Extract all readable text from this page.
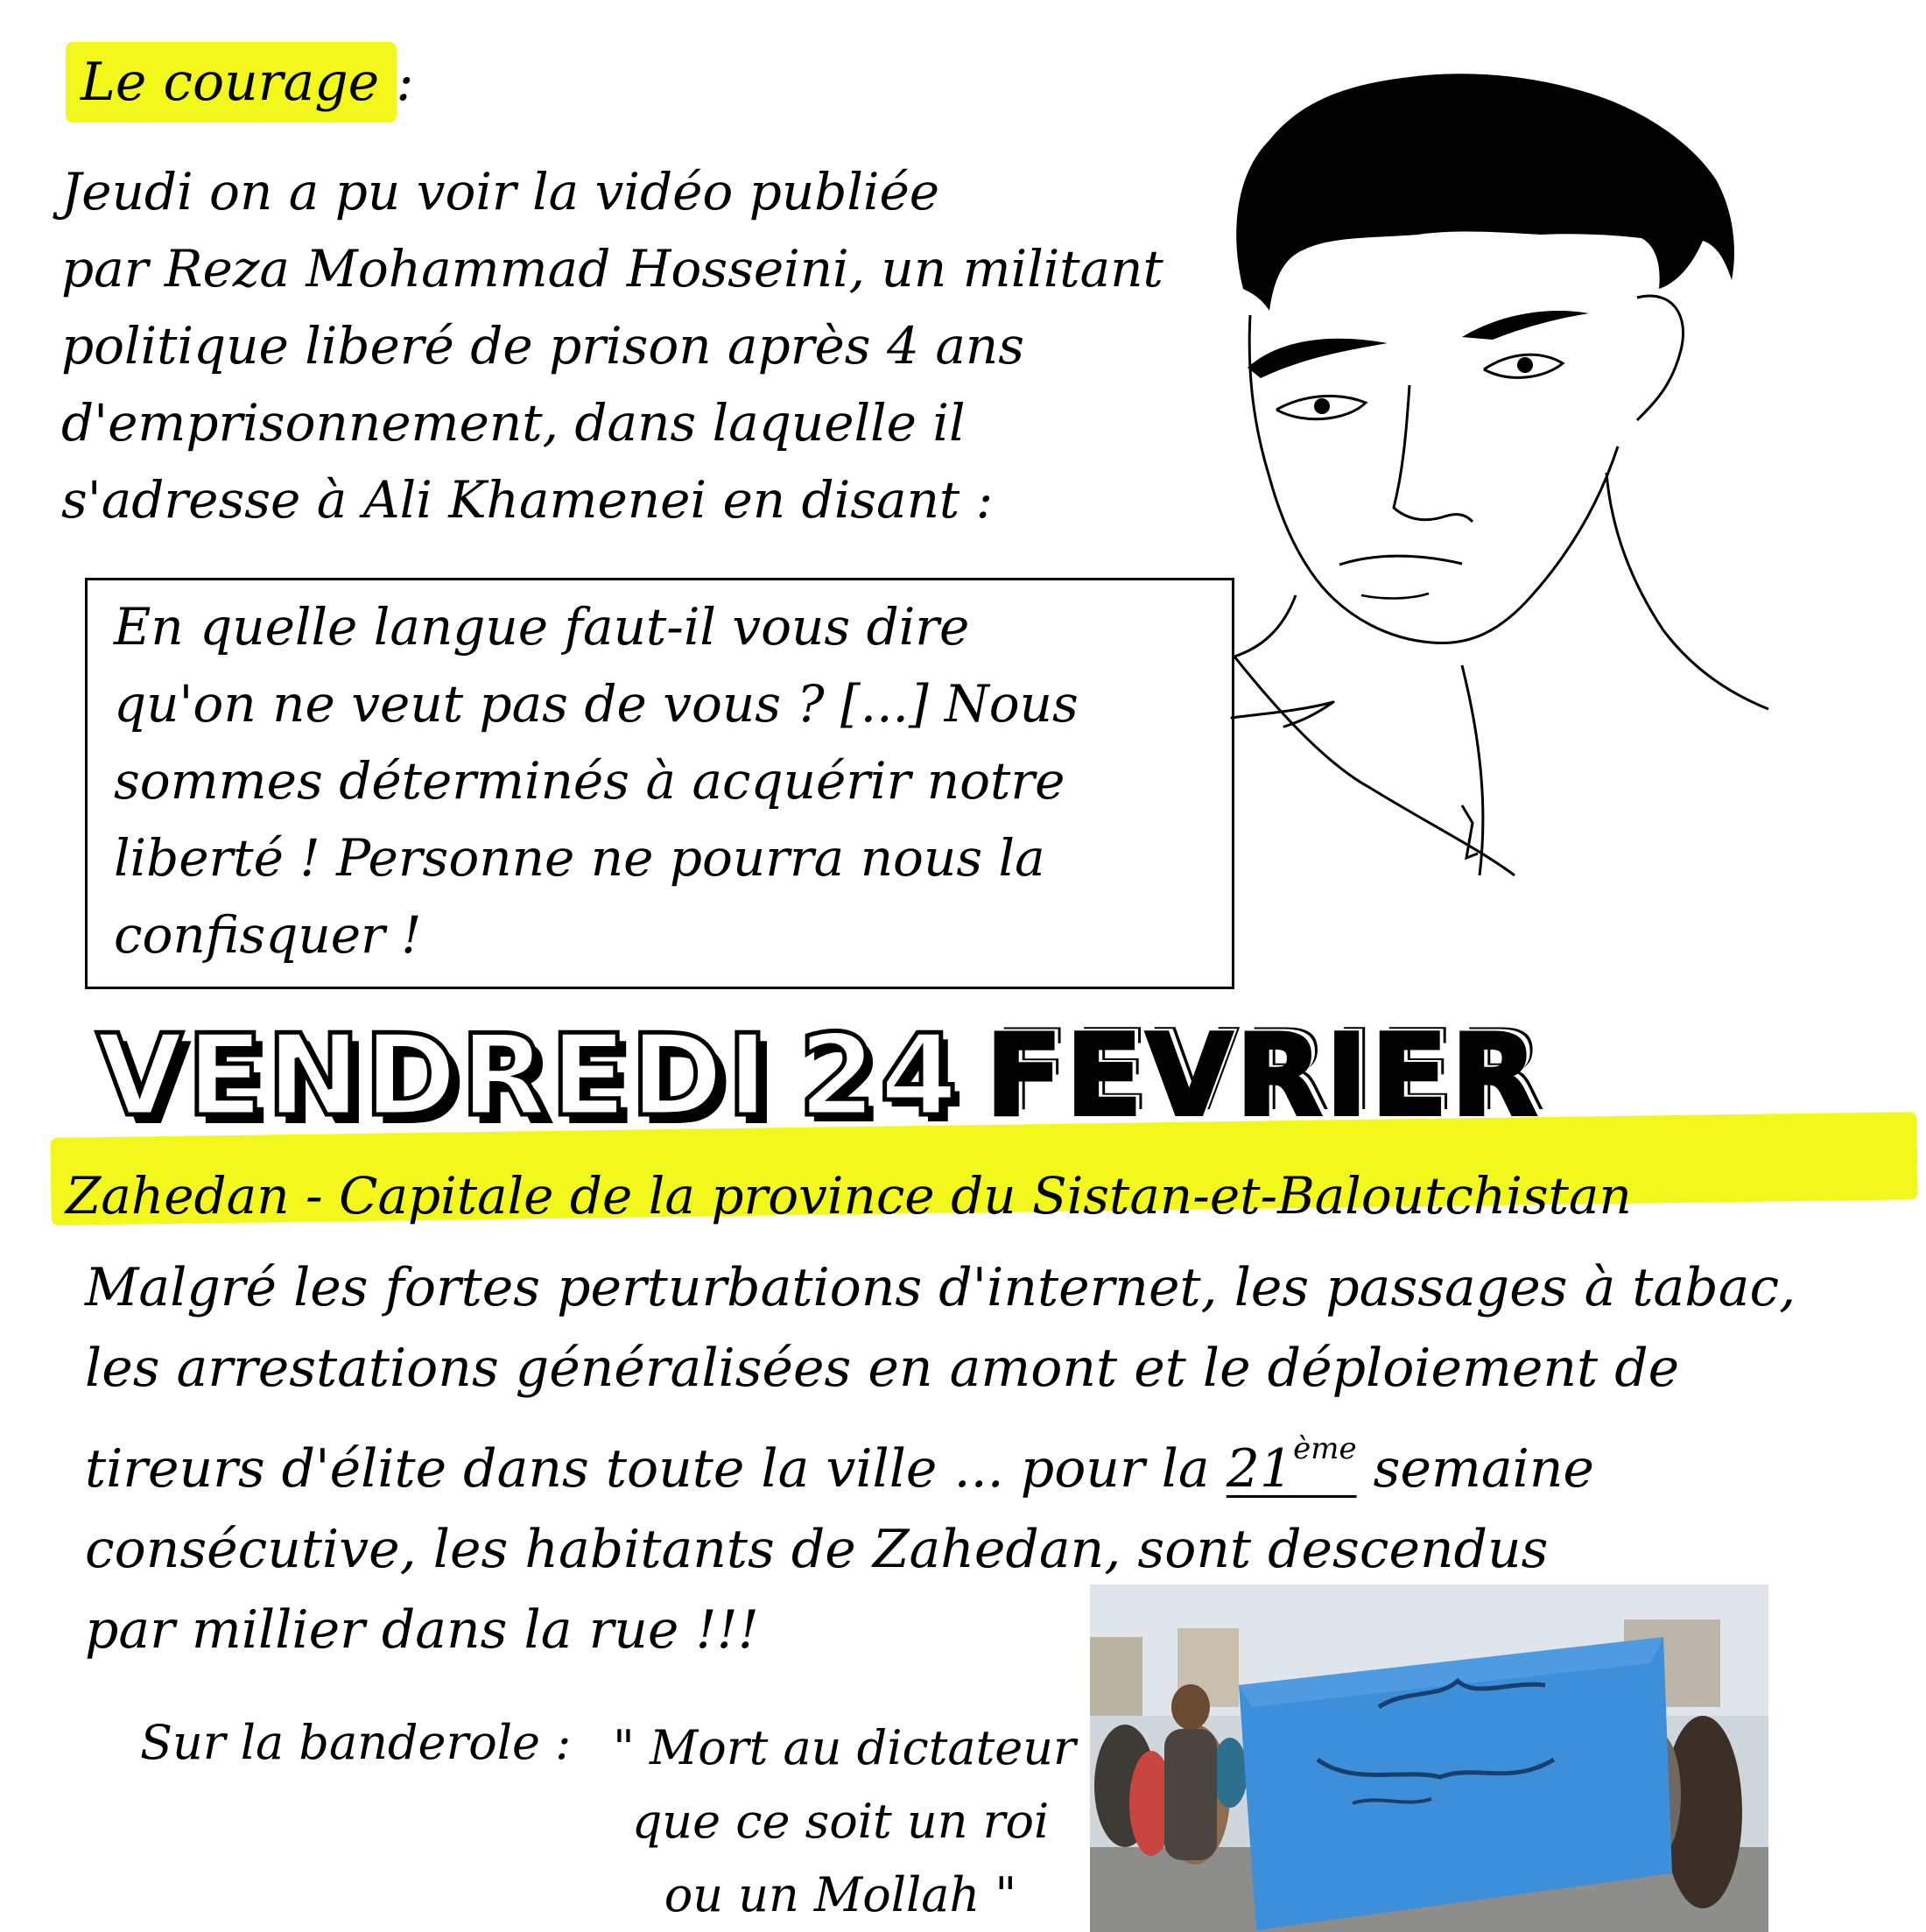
Le courage :
Jeudi on a pu voir la vidéo publiée
par Reza Mohammad Hosseini, un militant
politique liberé de prison après 4 ans
d'emprisonnement, dans laquelle il
s'adresse à Ali Khamenei en disant :
En quelle langue faut-il vous dire
qu'on ne veut pas de vous ? [...] Nous
sommes déterminés à acquérir notre
liberté ! Personne ne pourra nous la
confisquer !
VENDREDI 24 FEVRIER
Zahedan - Capitale de la province du Sistan-et-Baloutchistan
Malgré les fortes perturbations d'internet, les passages à tabac,
les arrestations généralisées en amont et le déploiement de
tireurs d'élite dans toute la ville ... pour la 21ème semaine
consécutive, les habitants de Zahedan, sont descendus
par millier dans la rue !!!
Sur la banderole : " Mort au dictateur
que ce soit un roi
ou un Mollah "
